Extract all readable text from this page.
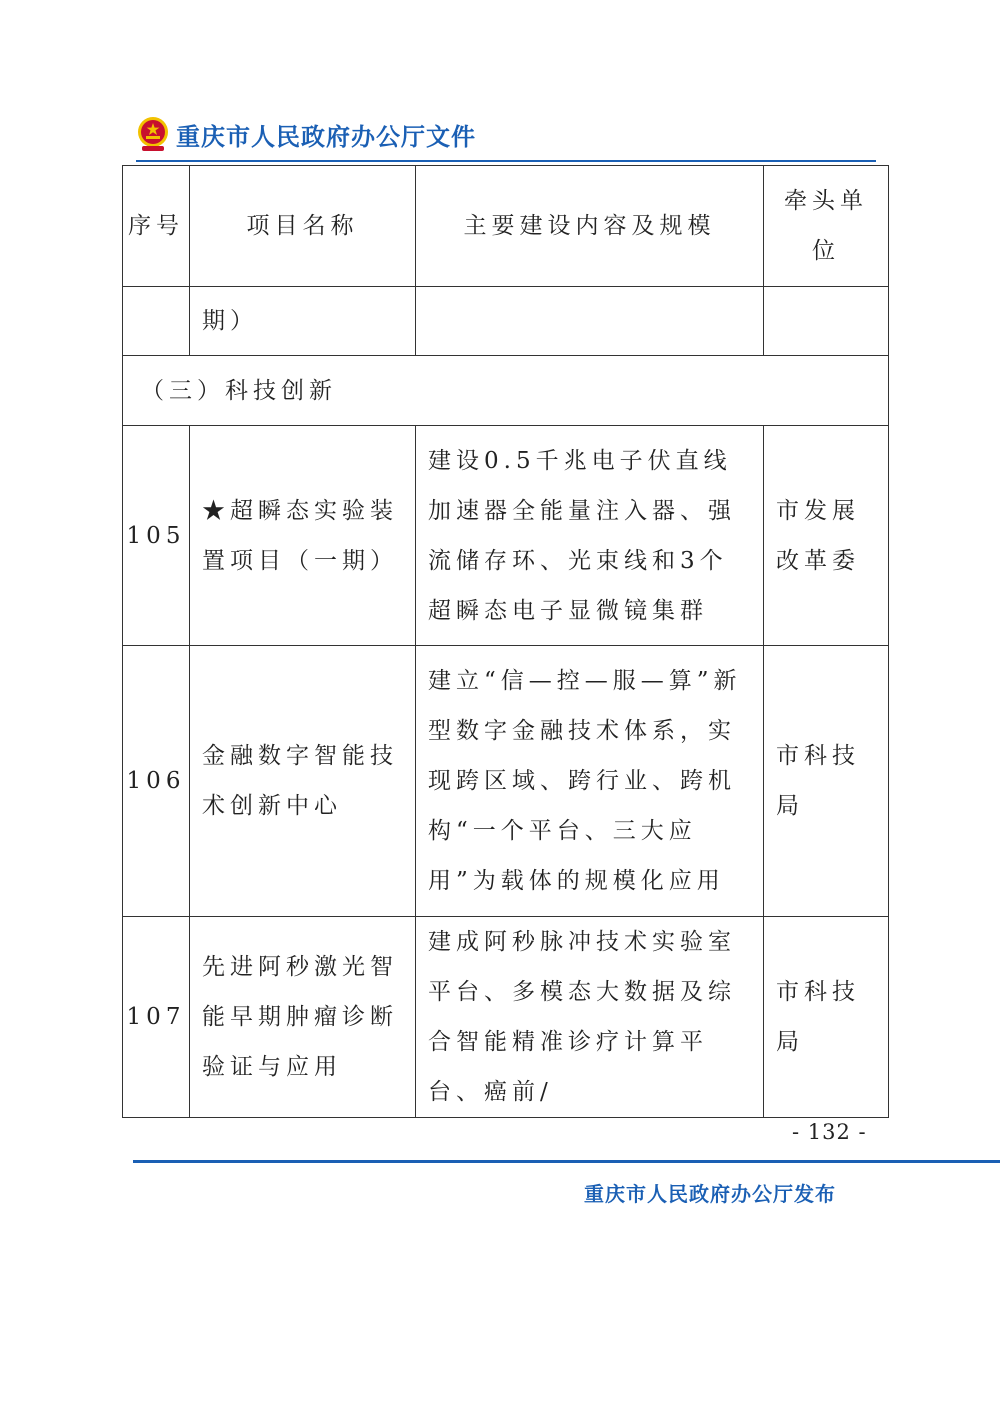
重庆市人民政府办公厅文件
序号	项目名称	主要建设内容及规模	牵头单位
	期）		
（三）科技创新			
105	★超瞬态实验装置项目（一期）	建设0.5千兆电子伏直线加速器全能量注入器、强流储存环、光束线和3个超瞬态电子显微镜集群	市发展改革委
106	金融数字智能技术创新中心	建立“信—控—服—算”新型数字金融技术体系，实现跨区域、跨行业、跨机构“一个平台、三大应用”为载体的规模化应用	市科技局
107	先进阿秒激光智能早期肿瘤诊断验证与应用	建成阿秒脉冲技术实验室平台、多模态大数据及综合智能精准诊疗计算平台、癌前/	市科技局
- 132 -
重庆市人民政府办公厅发布
